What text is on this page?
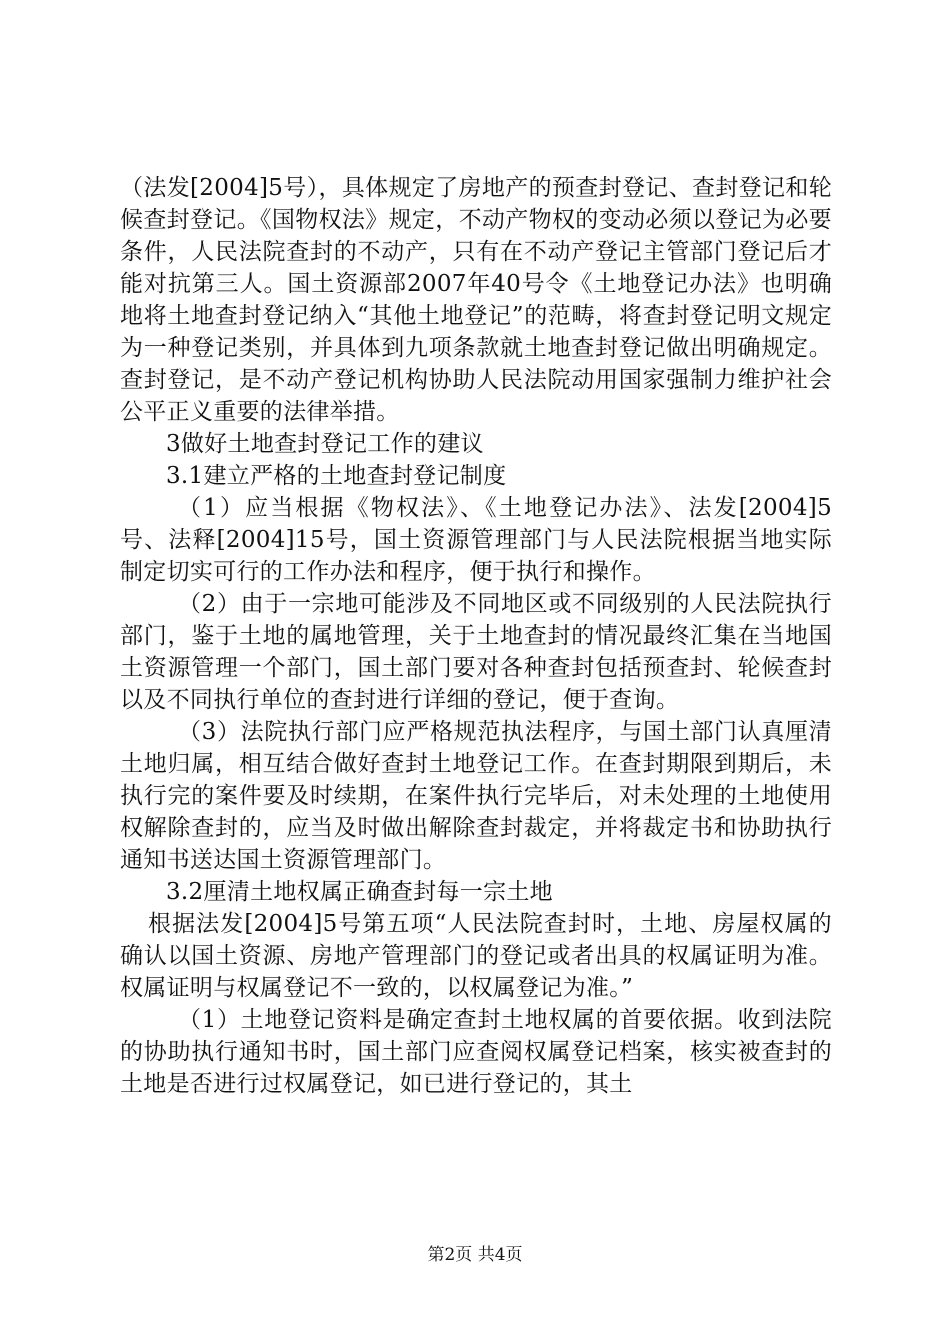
（法发[2004]5号），具体规定了房地产的预查封登记、查封登记和轮候查封登记。《国物权法》规定，不动产物权的变动必须以登记为必要条件，人民法院查封的不动产，只有在不动产登记主管部门登记后才能对抗第三人。国土资源部2007年40号令《土地登记办法》也明确地将土地查封登记纳入“其他土地登记”的范畴，将查封登记明文规定为一种登记类别，并具体到九项条款就土地查封登记做出明确规定。查封登记，是不动产登记机构协助人民法院动用国家强制力维护社会公平正义重要的法律举措。

3做好土地查封登记工作的建议

3.1建立严格的土地查封登记制度

（1）应当根据《物权法》、《土地登记办法》、法发[2004]5号、法释[2004]15号，国土资源管理部门与人民法院根据当地实际制定切实可行的工作办法和程序，便于执行和操作。

（2）由于一宗地可能涉及不同地区或不同级别的人民法院执行部门，鉴于土地的属地管理，关于土地查封的情况最终汇集在当地国土资源管理一个部门，国土部门要对各种查封包括预查封、轮候查封以及不同执行单位的查封进行详细的登记，便于查询。

（3）法院执行部门应严格规范执法程序，与国土部门认真厘清土地归属，相互结合做好查封土地登记工作。在查封期限到期后，未执行完的案件要及时续期，在案件执行完毕后，对未处理的土地使用权解除查封的，应当及时做出解除查封裁定，并将裁定书和协助执行通知书送达国土资源管理部门。

3.2厘清土地权属正确查封每一宗土地

根据法发[2004]5号第五项“人民法院查封时，土地、房屋权属的确认以国土资源、房地产管理部门的登记或者出具的权属证明为准。权属证明与权属登记不一致的，以权属登记为准。”

（1）土地登记资料是确定查封土地权属的首要依据。收到法院的协助执行通知书时，国土部门应查阅权属登记档案，核实被查封的土地是否进行过权属登记，如已进行登记的，其土

第2页 共4页
